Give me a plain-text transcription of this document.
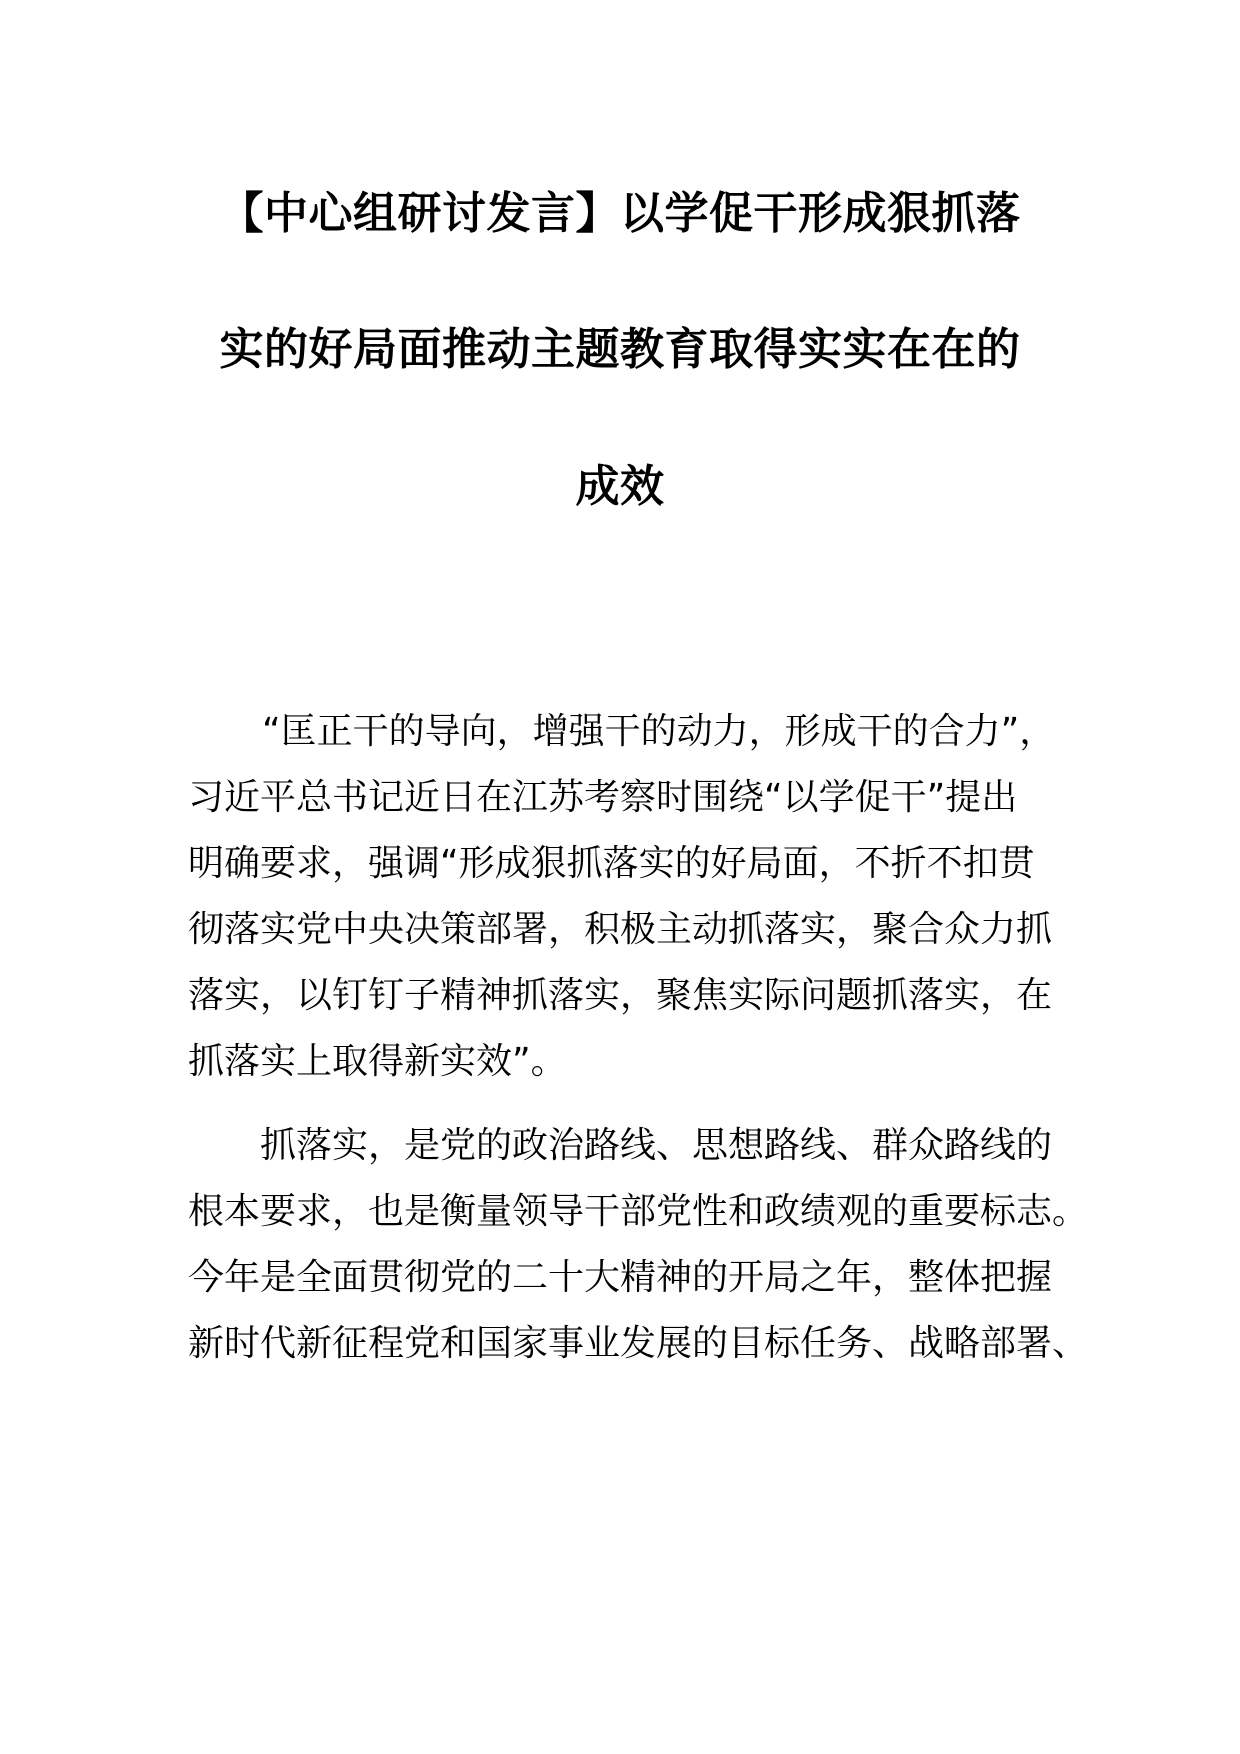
【中心组研讨发言】以学促干形成狠抓落
实的好局面推动主题教育取得实实在在的
成效
“匡正干的导向，增强干的动力，形成干的合力”，
习近平总书记近日在江苏考察时围绕“以学促干”提出
明确要求，强调“形成狠抓落实的好局面，不折不扣贯
彻落实党中央决策部署，积极主动抓落实，聚合众力抓
落实，以钉钉子精神抓落实，聚焦实际问题抓落实，在
抓落实上取得新实效”。
抓落实，是党的政治路线、思想路线、群众路线的
根本要求，也是衡量领导干部党性和政绩观的重要标志。
今年是全面贯彻党的二十大精神的开局之年，整体把握
新时代新征程党和国家事业发展的目标任务、战略部署、
